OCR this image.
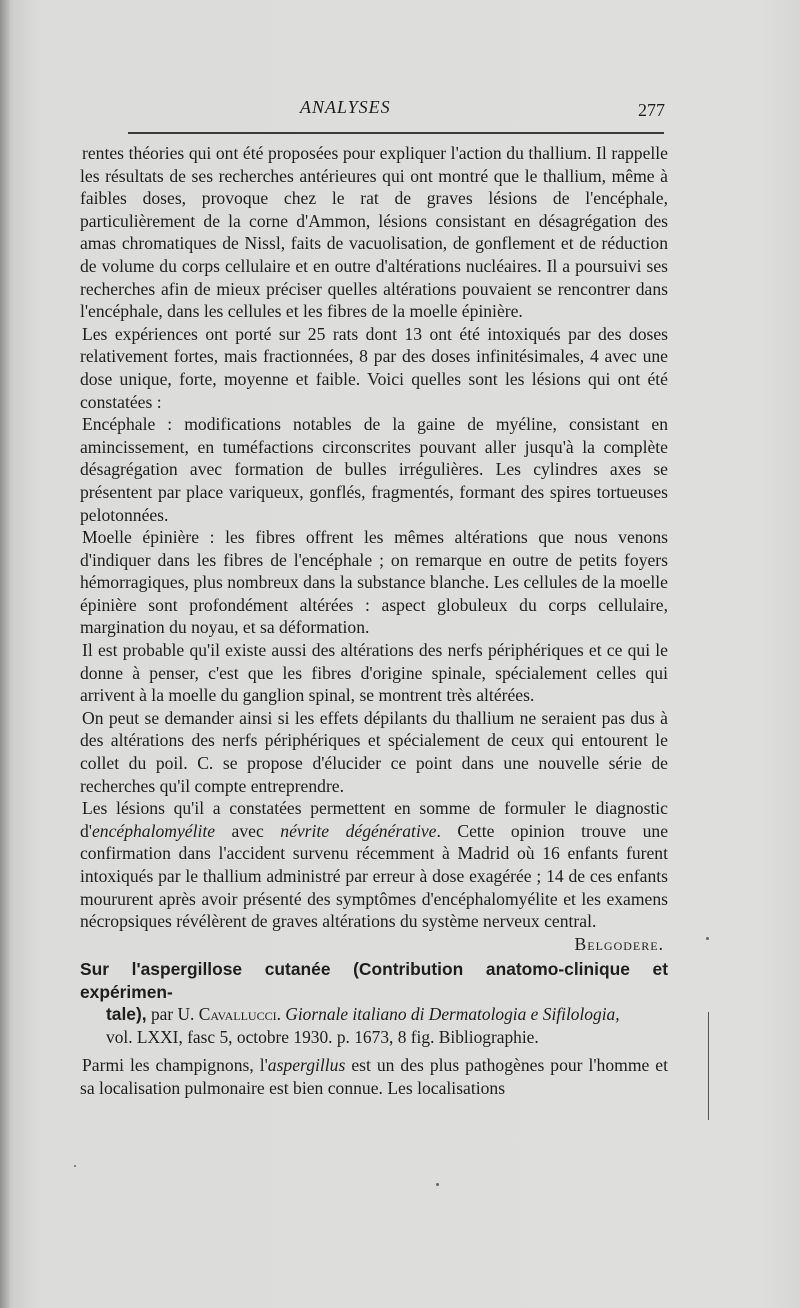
ANALYSES	277

rentes théories qui ont été proposées pour expliquer l'action du thallium. Il rappelle les résultats de ses recherches antérieures qui ont montré que le thallium, même à faibles doses, provoque chez le rat de graves lésions de l'encéphale, particulièrement de la corne d'Ammon, lésions consistant en désagrégation des amas chromatiques de Nissl, faits de vacuolisation, de gonflement et de réduction de volume du corps cellulaire et en outre d'altérations nucléaires. Il a poursuivi ses recherches afin de mieux préciser quelles altérations pouvaient se rencontrer dans l'encéphale, dans les cellules et les fibres de la moelle épinière.

Les expériences ont porté sur 25 rats dont 13 ont été intoxiqués par des doses relativement fortes, mais fractionnées, 8 par des doses infinitésimales, 4 avec une dose unique, forte, moyenne et faible. Voici quelles sont les lésions qui ont été constatées :

Encéphale : modifications notables de la gaine de myéline, consistant en amincissement, en tuméfactions circonscrites pouvant aller jusqu'à la complète désagrégation avec formation de bulles irrégulières. Les cylindres axes se présentent par place variqueux, gonflés, fragmentés, formant des spires tortueuses pelotonnées.

Moelle épinière : les fibres offrent les mêmes altérations que nous venons d'indiquer dans les fibres de l'encéphale ; on remarque en outre de petits foyers hémorragiques, plus nombreux dans la substance blanche. Les cellules de la moelle épinière sont profondément altérées : aspect globuleux du corps cellulaire, margination du noyau, et sa déformation.

Il est probable qu'il existe aussi des altérations des nerfs périphériques et ce qui le donne à penser, c'est que les fibres d'origine spinale, spécialement celles qui arrivent à la moelle du ganglion spinal, se montrent très altérées.

On peut se demander ainsi si les effets dépilants du thallium ne seraient pas dus à des altérations des nerfs périphériques et spécialement de ceux qui entourent le collet du poil. C. se propose d'élucider ce point dans une nouvelle série de recherches qu'il compte entreprendre.

Les lésions qu'il a constatées permettent en somme de formuler le diagnostic d'encéphalomyélite avec névrite dégénérative. Cette opinion trouve une confirmation dans l'accident survenu récemment à Madrid où 16 enfants furent intoxiqués par le thallium administré par erreur à dose exagérée ; 14 de ces enfants moururent après avoir présenté des symptômes d'encéphalomyélite et les examens nécropsiques révélèrent de graves altérations du système nerveux central.

Belgodere.

Sur l'aspergillose cutanée (Contribution anatomo-clinique et expérimen-
tale), par U. Cavallucci. Giornale italiano di Dermatologia e Sifilologia,
vol. LXXI, fasc 5, octobre 1930. p. 1673, 8 fig. Bibliographie.

Parmi les champignons, l'aspergillus est un des plus pathogènes pour l'homme et sa localisation pulmonaire est bien connue. Les localisations
